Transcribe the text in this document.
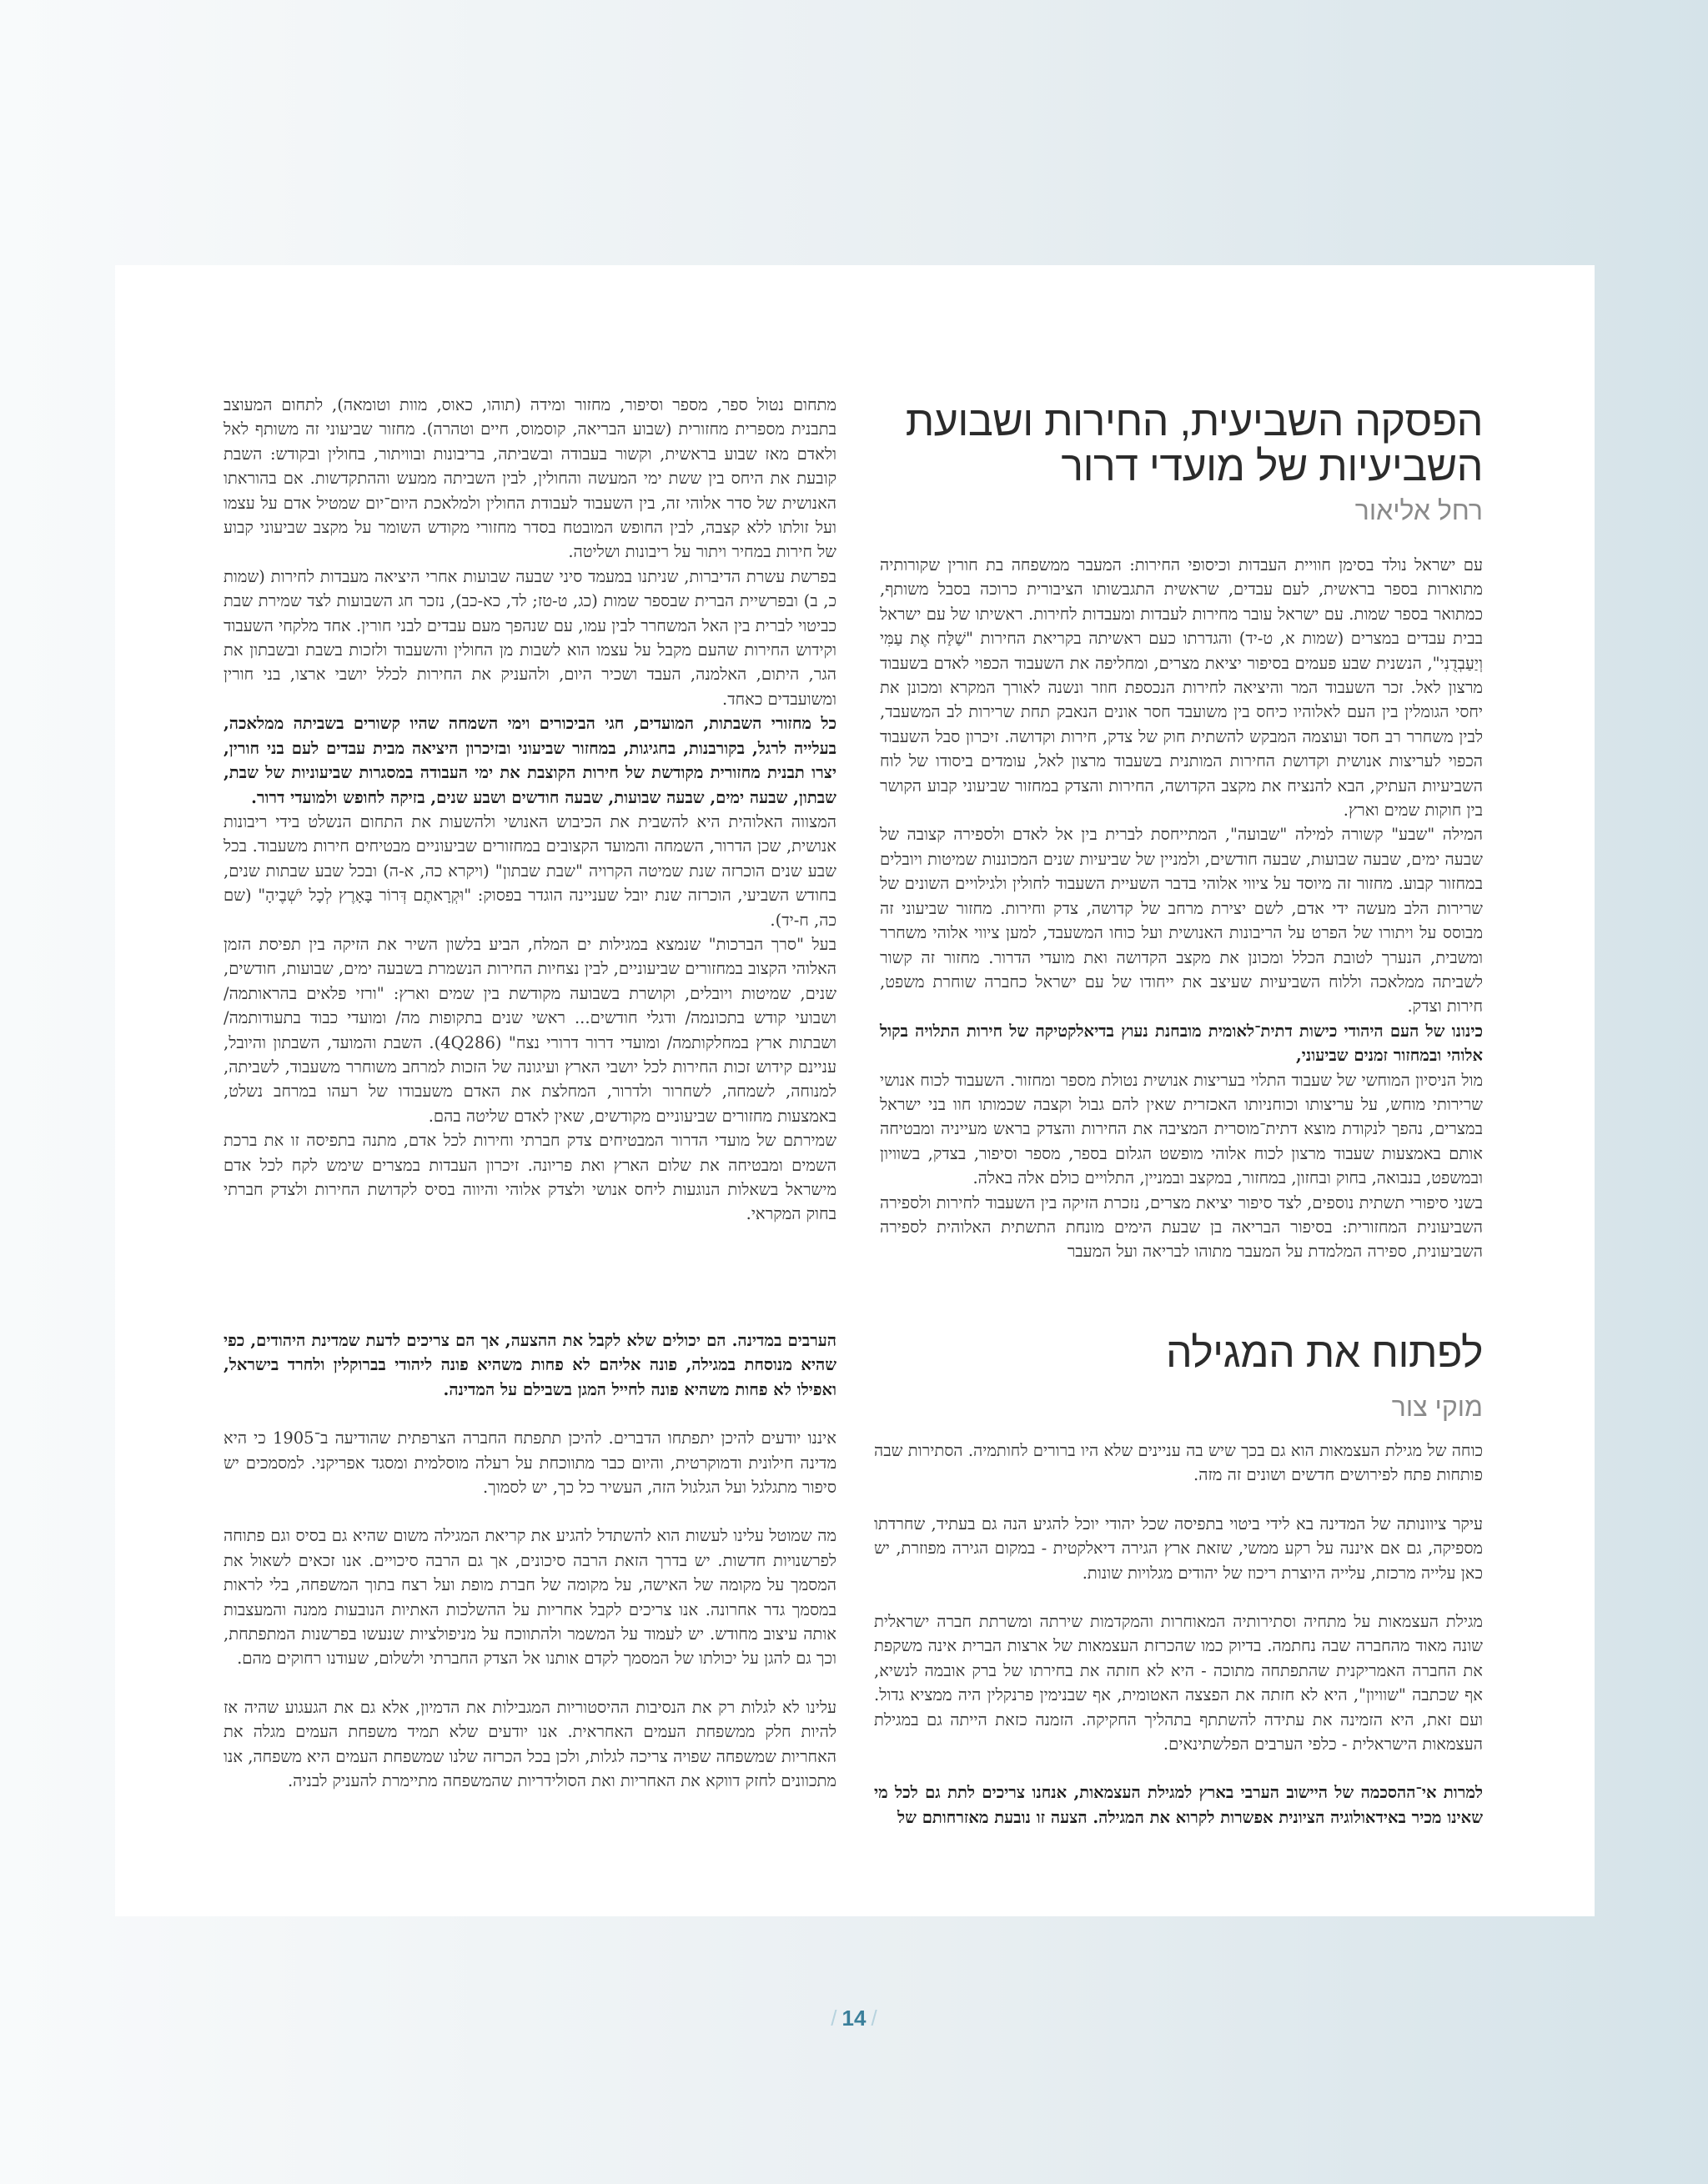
הפסקה השביעית, החירות ושבועת
השביעיות של מועדי דרור

רחל אליאור

עם ישראל נולד בסימן חוויית העבדות וכיסופי החירות: המעבר ממשפחה בת חורין שקורותיה מתוארות בספר בראשית, לעם עבדים, שראשית התגבשותו הציבורית כרוכה בסבל משותף, כמתואר בספר שמות. עם ישראל עובר מחירות לעבדות ומעבדות לחירות. ראשיתו של עם ישראל בבית עבדים במצרים (שמות א, ט-יד) והגדרתו כעם ראשיתה בקריאת החירות "שַׁלַּח אֶת עַמִּי וְיַעַבְדֻנִי", הנשנית שבע פעמים בסיפור יציאת מצרים, ומחליפה את השעבוד הכפוי לאדם בשעבוד מרצון לאל. זכר השעבוד המר והיציאה לחירות הנכספת חוזר ונשנה לאורך המקרא ומכונן את יחסי הגומלין בין העם לאלוהיו כיחס בין משועבד חסר אונים הנאבק תחת שרירות לב המשעבד, לבין משחרר רב חסד ועוצמה המבקש להשתית חוק של צדק, חירות וקדושה. זיכרון סבל השעבוד הכפוי לעריצות אנושית וקדושת החירות המותנית בשעבוד מרצון לאל, עומדים ביסודו של לוח השביעיות העתיק, הבא להנציח את מקצב הקדושה, החירות והצדק במחזור שביעוני קבוע הקושר בין חוקות שמים וארץ.

המילה "שבע" קשורה למילה "שבועה", המתייחסת לברית בין אל לאדם ולספירה קצובה של שבעה ימים, שבעה שבועות, שבעה חודשים, ולמניין של שביעיות שנים המכוננות שמיטות ויובלים במחזור קבוע. מחזור זה מיוסד על ציווי אלוהי בדבר השעיית השעבוד לחולין ולגילויים השונים של שרירות הלב מעשה ידי אדם, לשם יצירת מרחב של קדושה, צדק וחירות. מחזור שביעוני זה מבוסס על ויתורו של הפרט על הריבונות האנושית ועל כוחו המשעבד, למען ציווי אלוהי משחרר ומשבית, הנערך לטובת הכלל ומכונן את מקצב הקדושה ואת מועדי הדרור. מחזור זה קשור לשביתה ממלאכה וללוח השביעיות שעיצב את ייחודו של עם ישראל כחברה שוחרת משפט, חירות וצדק.

כינונו של העם היהודי כישות דתית־לאומית מובחנת נעוץ בדיאלקטיקה של חירות התלויה בקול אלוהי ובמחזור זמנים שביעוני,

מול הניסיון המוחשי של שעבוד התלוי בעריצות אנושית נטולת מספר ומחזור. השעבוד לכוח אנושי שרירותי מוחש, על עריצותו וכוחניותו האכזרית שאין להם גבול וקצבה שכמותו חוו בני ישראל במצרים, נהפך לנקודת מוצא דתית־מוסרית המציבה את החירות והצדק בראש מעייניה ומבטיחה אותם באמצעות שעבוד מרצון לכוח אלוהי מופשט הגלום בספר, מספר וסיפור, בצדק, בשוויון ובמשפט, בנבואה, בחוק ובחזון, במחזור, במקצב ובמניין, התלויים כולם אלה באלה.

בשני סיפורי תשתית נוספים, לצד סיפור יציאת מצרים, נזכרת הזיקה בין השעבוד לחירות ולספירה השביעונית המחזורית: בסיפור הבריאה בן שבעת הימים מונחת התשתית האלוהית לספירה השביעונית, ספירה המלמדת על המעבר מתוהו לבריאה ועל המעבר

מתחום נטול ספר, מספר וסיפור, מחזור ומידה (תוהו, כאוס, מוות וטומאה), לתחום המעוצב בתבנית מספרית מחזורית (שבוע הבריאה, קוסמוס, חיים וטהרה). מחזור שביעוני זה משותף לאל ולאדם מאז שבוע בראשית, וקשור בעבודה ובשביתה, בריבונות ובוויתור, בחולין ובקודש: השבת קובעת את היחס בין ששת ימי המעשה והחולין, לבין השביתה ממעש וההתקדשות. אם בהוראתו האנושית של סדר אלוהי זה, בין השעבוד לעבודת החולין ולמלאכת היום־יום שמטיל אדם על עצמו ועל זולתו ללא קצבה, לבין החופש המובטח בסדר מחזורי מקודש השומר על מקצב שביעוני קבוע של חירות במחיר ויתור על ריבונות ושליטה.

בפרשת עשרת הדיברות, שניתנו במעמד סיני שבעה שבועות אחרי היציאה מעבדות לחירות (שמות כ, ב) ובפרשיית הברית שבספר שמות (כג, ט-טז; לד, כא-כב), נזכר חג השבועות לצד שמירת שבת כביטוי לברית בין האל המשחרר לבין עמו, עם שנהפך מעם עבדים לבני חורין. אחד מלקחי השעבוד וקידוש החירות שהעם מקבל על עצמו הוא לשבות מן החולין והשעבוד ולזכות בשבת ובשבתון את הגר, היתום, האלמנה, העבד ושכיר היום, ולהעניק את החירות לכלל יושבי ארצו, בני חורין ומשועבדים כאחד.

כל מחזורי השבתות, המועדים, חגי הביכורים וימי השמחה שהיו קשורים בשביתה ממלאכה, בעלייה לרגל, בקורבנות, בחגיגות, במחזור שביעוני ובזיכרון היציאה מבית עבדים לעם בני חורין, יצרו תבנית מחזורית מקודשת של חירות הקוצבת את ימי העבודה במסגרות שביעוניות של שבת, שבתון, שבעה ימים, שבעה שבועות, שבעה חודשים ושבע שנים, בזיקה לחופש ולמועדי דרור.

המצווה האלוהית היא להשבית את הכיבוש האנושי ולהשעות את התחום הנשלט בידי ריבונות אנושית, שכן הדרור, השמחה והמועד הקצובים במחזורים שביעוניים מבטיחים חירות משעבוד. בכל שבע שנים הוכרזה שנת שמיטה הקרויה "שבת שבתון" (ויקרא כה, א-ה) ובכל שבע שבתות שנים, בחודש השביעי, הוכרזה שנת יובל שעניינה הוגדר בפסוק: "וּקְרָאתֶם דְּרוֹר בָּאָרֶץ לְכָל יֹשְׁבֶיהָ" (שם כה, ח-יד).

בעל "סרך הברכות" שנמצא במגילות ים המלח, הביע בלשון השיר את הזיקה בין תפיסת הזמן האלוהי הקצוב במחזורים שביעוניים, לבין נצחיות החירות הנשמרת בשבעה ימים, שבועות, חודשים, שנים, שמיטות ויובלים, וקושרת בשבועה מקודשת בין שמים וארץ: "ורזי פלאים בהראותמה/ ושבועי קודש בתכונמה/ ודגלי חודשים... ראשי שנים בתקופות מה/ ומועדי כבוד בתעודותמה/ ושבתות ארץ במחלקותמה/ ומועדי דרור דרורי נצח" (4Q286). השבת והמועד, השבתון והיובל, עניינם קידוש זכות החירות לכל יושבי הארץ ועיגונה של הזכות למרחב משוחרר משעבוד, לשביתה, למנוחה, לשמחה, לשחרור ולדרור, המחלצת את האדם משעבודו של רעהו במרחב נשלט, באמצעות מחזורים שביעוניים מקודשים, שאין לאדם שליטה בהם.

שמירתם של מועדי הדרור המבטיחים צדק חברתי וחירות לכל אדם, מתנה בתפיסה זו את ברכת השמים ומבטיחה את שלום הארץ ואת פריונה. זיכרון העבדות במצרים שימש לקח לכל אדם מישראל בשאלות הנוגעות ליחס אנושי ולצדק אלוהי והיווה בסיס לקדושת החירות ולצדק חברתי בחוק המקראי.

לפתוח את המגילה

מוקי צור

כוחה של מגילת העצמאות הוא גם בכך שיש בה עניינים שלא היו ברורים לחותמיה. הסתירות שבה פותחות פתח לפירושים חדשים ושונים זה מזה.

עיקר ציוונותה של המדינה בא לידי ביטוי בתפיסה שכל יהודי יוכל להגיע הנה גם בעתיד, שחרדתו מספיקה, גם אם איננה על רקע ממשי, שזאת ארץ הגירה דיאלקטית - במקום הגירה מפוזרת, יש כאן עלייה מרכזת, עלייה היוצרת ריכוז של יהודים מגלויות שונות.

מגילת העצמאות על מתחיה וסתירותיה המאוחרות והמקדמות שירתה ומשרתת חברה ישראלית שונה מאוד מהחברה שבה נחתמה. בדיוק כמו שהכרזת העצמאות של ארצות הברית אינה משקפת את החברה האמריקנית שהתפתחה מתוכה - היא לא חזתה את בחירתו של ברק אובמה לנשיא, אף שכתבה "שוויון", היא לא חזתה את הפצצה האטומית, אף שבנימין פרנקלין היה ממציא גדול. ועם זאת, היא הזמינה את עתידה להשתתף בתהליך החקיקה. הזמנה כזאת הייתה גם במגילת העצמאות הישראלית - כלפי הערבים הפלשתינאים.

למרות אי־ההסכמה של היישוב הערבי בארץ למגילת העצמאות, אנחנו צריכים לתת גם לכל מי שאינו מכיר באידאולוגיה הציונית אפשרות לקרוא את המגילה. הצעה זו נובעת מאזרחותם של

הערבים במדינה. הם יכולים שלא לקבל את ההצעה, אך הם צריכים לדעת שמדינת היהודים, כפי שהיא מנוסחת במגילה, פונה אליהם לא פחות משהיא פונה ליהודי בברוקלין ולחרד בישראל, ואפילו לא פחות משהיא פונה לחייל המגן בשבילם על המדינה.

איננו יודעים להיכן יתפתחו הדברים. להיכן תתפתח החברה הצרפתית שהודיעה ב־1905 כי היא מדינה חילונית ודמוקרטית, והיום כבר מתווכחת על רעלה מוסלמית ומסגד אפריקני. למסמכים יש סיפור מתגלגל ועל הגלגול הזה, העשיר כל כך, יש לסמוך.

מה שמוטל עלינו לעשות הוא להשתדל להגיע את קריאת המגילה משום שהיא גם בסיס וגם פתוחה לפרשנויות חדשות. יש בדרך הזאת הרבה סיכונים, אך גם הרבה סיכויים. אנו זכאים לשאול את המסמך על מקומה של האישה, על מקומה של חברת מופת ועל רצח בתוך המשפחה, בלי לראות במסמך גדר אחרונה. אנו צריכים לקבל אחריות על ההשלכות האתיות הנובעות ממנה והמעצבות אותה עיצוב מחודש. יש לעמוד על המשמר ולהתווכח על מניפולציות שנעשו בפרשנות המתפתחת, וכך גם להגן על יכולתו של המסמך לקדם אותנו אל הצדק החברתי ולשלום, שעודנו רחוקים מהם.

עלינו לא לגלות רק את הנסיבות ההיסטוריות המגבילות את הדמיון, אלא גם את הגעגוע שהיה אז להיות חלק ממשפחת העמים האחראית. אנו יודעים שלא תמיד משפחת העמים מגלה את האחריות שמשפחה שפויה צריכה לגלות, ולכן בכל הכרזה שלנו שמשפחת העמים היא משפחה, אנו מתכוונים לחזק דווקא את האחריות ואת הסולידריות שהמשפחה מתיימרת להעניק לבניה.

/ 14 /
